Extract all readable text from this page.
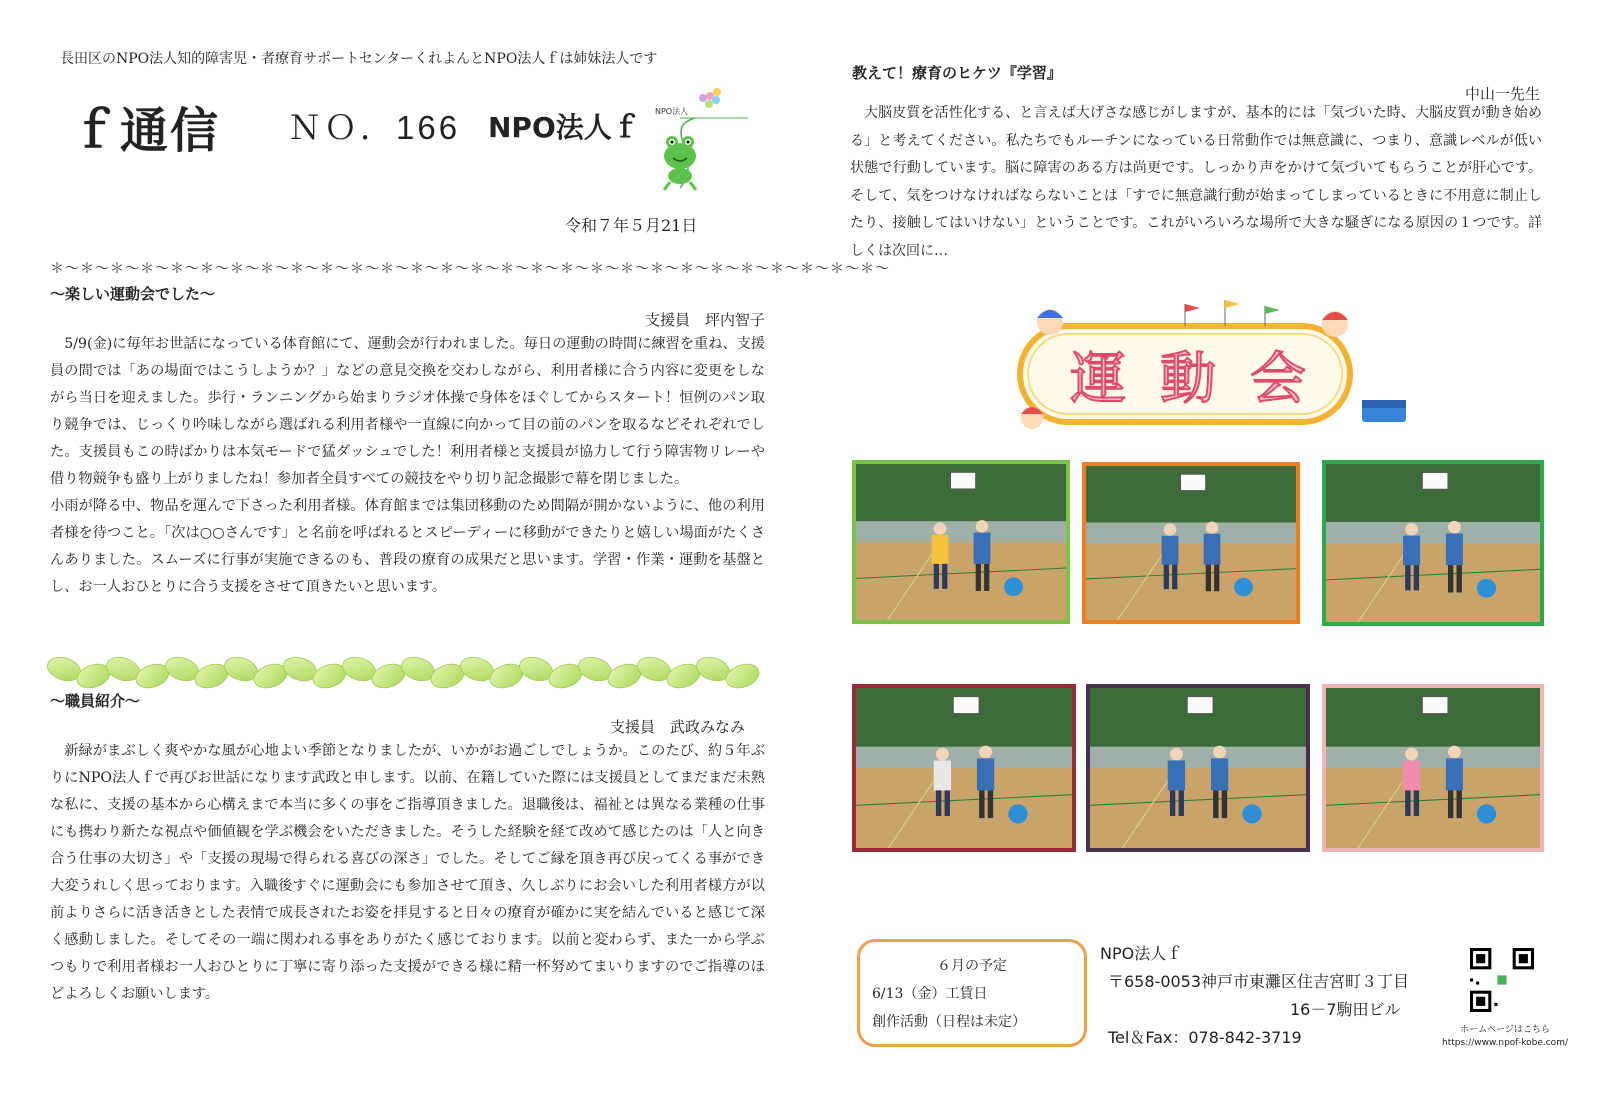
長田区のNPO法人知的障害児・者療育サポートセンターくれよんとNPO法人ｆは姉妹法人です
ｆ通信 ＮＯ．166 NPO法人ｆ NPO法人
令和７年５月21日
＊～＊～＊～＊～＊～＊～＊～＊～＊～＊～＊～＊～＊～＊～＊～＊～＊～＊～＊～＊～＊～＊～＊～＊～＊～＊～＊～＊～
～楽しい運動会でした～
支援員　坪内智子

5/9(金)に毎年お世話になっている体育館にて、運動会が行われました。毎日の運動の時間に練習を重ね、支援員の間では「あの場面ではこうしようか？」などの意見交換を交わしながら、利用者様に合う内容に変更をしながら当日を迎えました。歩行・ランニングから始まりラジオ体操で身体をほぐしてからスタート！恒例のパン取り競争では、じっくり吟味しながら選ばれる利用者様や一直線に向かって目の前のパンを取るなどそれぞれでした。支援員もこの時ばかりは本気モードで猛ダッシュでした！利用者様と支援員が協力して行う障害物リレーや借り物競争も盛り上がりましたね！参加者全員すべての競技をやり切り記念撮影で幕を閉じました。

小雨が降る中、物品を運んで下さった利用者様。体育館までは集団移動のため間隔が開かないように、他の利用者様を待つこと。「次は○○さんです」と名前を呼ばれるとスピーディーに移動ができたりと嬉しい場面がたくさんありました。スムーズに行事が実施できるのも、普段の療育の成果だと思います。学習・作業・運動を基盤とし、お一人おひとりに合う支援をさせて頂きたいと思います。

～職員紹介～
支援員　武政みなみ

新緑がまぶしく爽やかな風が心地よい季節となりましたが、いかがお過ごしでしょうか。このたび、約５年ぶりにNPO法人ｆで再びお世話になります武政と申します。以前、在籍していた際には支援員としてまだまだ未熟な私に、支援の基本から心構えまで本当に多くの事をご指導頂きました。退職後は、福祉とは異なる業種の仕事にも携わり新たな視点や価値観を学ぶ機会をいただきました。そうした経験を経て改めて感じたのは「人と向き合う仕事の大切さ」や「支援の現場で得られる喜びの深さ」でした。そしてご縁を頂き再び戻ってくる事ができ大変うれしく思っております。入職後すぐに運動会にも参加させて頂き、久しぶりにお会いした利用者様方が以前よりさらに活き活きとした表情で成長されたお姿を拝見すると日々の療育が確かに実を結んでいると感じて深く感動しました。そしてその一端に関われる事をありがたく感じております。以前と変わらず、また一から学ぶつもりで利用者様お一人おひとりに丁寧に寄り添った支援ができる様に精一杯努めてまいりますのでご指導のほどよろしくお願いします。

教えて！療育のヒケツ『学習』
中山一先生

大脳皮質を活性化する、と言えば大げさな感じがしますが、基本的には「気づいた時、大脳皮質が動き始める」と考えてください。私たちでもルーチンになっている日常動作では無意識に、つまり、意識レベルが低い状態で行動しています。脳に障害のある方は尚更です。しっかり声をかけて気づいてもらうことが肝心です。そして、気をつけなければならないことは「すでに無意識行動が始まってしまっているときに不用意に制止したり、接触してはいけない」ということです。これがいろいろな場所で大きな騒ぎになる原因の１つです。詳しくは次回に…

運 動 会
６月の予定
6/13（金）工賃日
創作活動（日程は未定）
NPO法人ｆ
〒658-0053神戸市東灘区住吉宮町３丁目
16－7駒田ビル
Tel＆Fax：078-842-3719	ホームページはこちら
https://www.npof-kobe.com/
